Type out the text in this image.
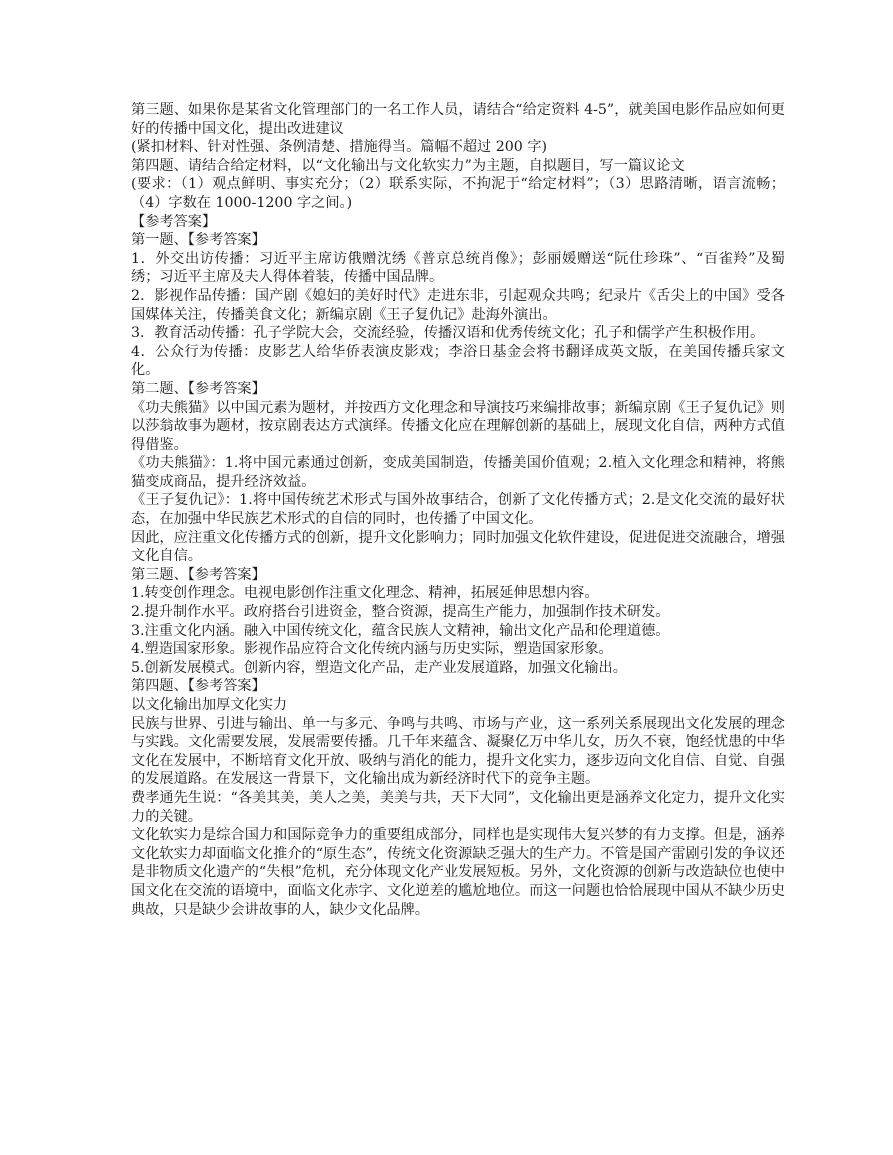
第三题、如果你是某省文化管理部门的一名工作人员，请结合“给定资料 4-5”，就美国电影作品应如何更好的传播中国文化，提出改进建议

(紧扣材料、针对性强、条例清楚、措施得当。篇幅不超过 200 字)

第四题、请结合给定材料，以“文化输出与文化软实力”为主题，自拟题目，写一篇议论文

(要求：（1）观点鲜明、事实充分；（2）联系实际，不拘泥于“给定材料”；（3）思路清晰，语言流畅；（4）字数在 1000-1200 字之间。)

【参考答案】

第一题、【参考答案】

1．外交出访传播：习近平主席访俄赠沈绣《普京总统肖像》；彭丽媛赠送“阮仕珍珠”、“百雀羚”及蜀绣；习近平主席及夫人得体着装，传播中国品牌。

2．影视作品传播：国产剧《媳妇的美好时代》走进东非，引起观众共鸣；纪录片《舌尖上的中国》受各国媒体关注，传播美食文化；新编京剧《王子复仇记》赴海外演出。

3．教育活动传播：孔子学院大会，交流经验，传播汉语和优秀传统文化；孔子和儒学产生积极作用。

4．公众行为传播：皮影艺人给华侨表演皮影戏；李浴日基金会将书翻译成英文版，在美国传播兵家文化。

第二题、【参考答案】

《功夫熊猫》以中国元素为题材，并按西方文化理念和导演技巧来编排故事；新编京剧《王子复仇记》则以莎翁故事为题材，按京剧表达方式演绎。传播文化应在理解创新的基础上，展现文化自信，两种方式值得借鉴。

《功夫熊猫》：1.将中国元素通过创新，变成美国制造，传播美国价值观；2.植入文化理念和精神，将熊猫变成商品，提升经济效益。

《王子复仇记》：1.将中国传统艺术形式与国外故事结合，创新了文化传播方式；2.是文化交流的最好状态，在加强中华民族艺术形式的自信的同时，也传播了中国文化。

因此，应注重文化传播方式的创新，提升文化影响力；同时加强文化软件建设，促进促进交流融合，增强文化自信。

第三题、【参考答案】

1.转变创作理念。电视电影创作注重文化理念、精神，拓展延伸思想内容。

2.提升制作水平。政府搭台引进资金，整合资源，提高生产能力，加强制作技术研发。

3.注重文化内涵。融入中国传统文化，蕴含民族人文精神，输出文化产品和伦理道德。

4.塑造国家形象。影视作品应符合文化传统内涵与历史实际，塑造国家形象。

5.创新发展模式。创新内容，塑造文化产品，走产业发展道路，加强文化输出。

第四题、【参考答案】

以文化输出加厚文化实力

民族与世界、引进与输出、单一与多元、争鸣与共鸣、市场与产业，这一系列关系展现出文化发展的理念与实践。文化需要发展，发展需要传播。几千年来蕴含、凝聚亿万中华儿女，历久不衰，饱经忧患的中华文化在发展中，不断培育文化开放、吸纳与消化的能力，提升文化实力，逐步迈向文化自信、自觉、自强的发展道路。在发展这一背景下，文化输出成为新经济时代下的竞争主题。

费孝通先生说：“各美其美，美人之美，美美与共，天下大同”，文化输出更是涵养文化定力，提升文化实力的关键。

文化软实力是综合国力和国际竞争力的重要组成部分，同样也是实现伟大复兴梦的有力支撑。但是，涵养文化软实力却面临文化推介的“原生态”，传统文化资源缺乏强大的生产力。不管是国产雷剧引发的争议还是非物质文化遗产的“失根”危机，充分体现文化产业发展短板。另外，文化资源的创新与改造缺位也使中国文化在交流的语境中，面临文化赤字、文化逆差的尴尬地位。而这一问题也恰恰展现中国从不缺少历史典故，只是缺少会讲故事的人，缺少文化品牌。
